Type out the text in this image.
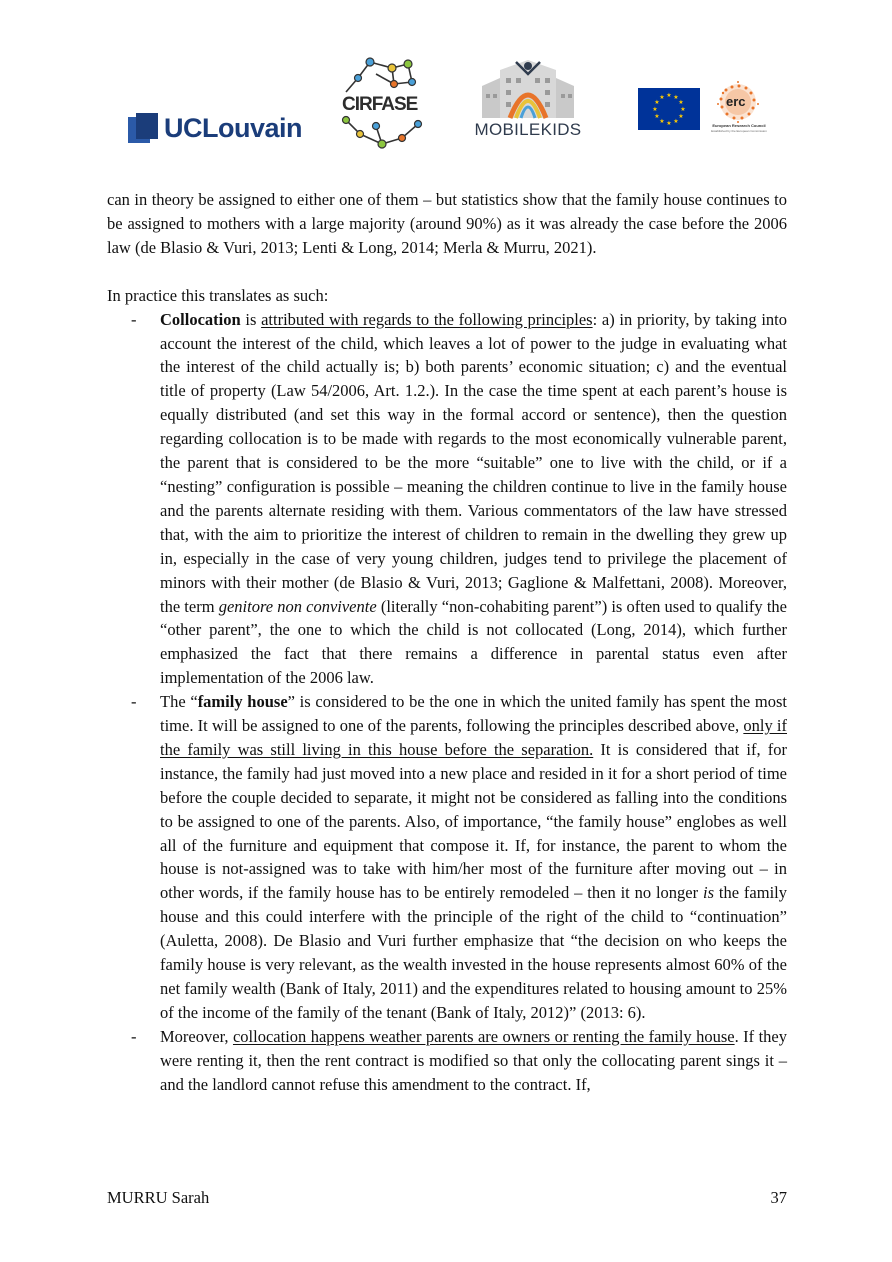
UCLouvain
CIRFASE
MOBILEKIDS
★ ★
★
★
★
★
★
★
★
★
★
★	erc
European Research Council
Established by the European Commission

can in theory be assigned to either one of them – but statistics show that the family house continues to be assigned to mothers with a large majority (around 90%) as it was already the case before the 2006 law (de Blasio & Vuri, 2013; Lenti & Long, 2014; Merla & Murru, 2021).

In practice this translates as such:

- Collocation is attributed with regards to the following principles: a) in priority, by taking into account the interest of the child, which leaves a lot of power to the judge in evaluating what the interest of the child actually is; b) both parents’ economic situation; c) and the eventual title of property (Law 54/2006, Art. 1.2.). In the case the time spent at each parent’s house is equally distributed (and set this way in the formal accord or sentence), then the question regarding collocation is to be made with regards to the most economically vulnerable parent, the parent that is considered to be the more “suitable” one to live with the child, or if a “nesting” configuration is possible – meaning the children continue to live in the family house and the parents alternate residing with them. Various commentators of the law have stressed that, with the aim to prioritize the interest of children to remain in the dwelling they grew up in, especially in the case of very young children, judges tend to privilege the placement of minors with their mother (de Blasio & Vuri, 2013; Gaglione & Malfettani, 2008). Moreover, the term genitore non convivente (literally “non-cohabiting parent”) is often used to qualify the “other parent”, the one to which the child is not collocated (Long, 2014), which further emphasized the fact that there remains a difference in parental status even after implementation of the 2006 law.
- The “family house” is considered to be the one in which the united family has spent the most time. It will be assigned to one of the parents, following the principles described above, only if the family was still living in this house before the separation. It is considered that if, for instance, the family had just moved into a new place and resided in it for a short period of time before the couple decided to separate, it might not be considered as falling into the conditions to be assigned to one of the parents. Also, of importance, “the family house” englobes as well all of the furniture and equipment that compose it. If, for instance, the parent to whom the house is not-assigned was to take with him/her most of the furniture after moving out – in other words, if the family house has to be entirely remodeled – then it no longer is the family house and this could interfere with the principle of the right of the child to “continuation” (Auletta, 2008). De Blasio and Vuri further emphasize that “the decision on who keeps the family house is very relevant, as the wealth invested in the house represents almost 60% of the net family wealth (Bank of Italy, 2011) and the expenditures related to housing amount to 25% of the income of the family of the tenant (Bank of Italy, 2012)” (2013: 6).
- Moreover, collocation happens weather parents are owners or renting the family house. If they were renting it, then the rent contract is modified so that only the collocating parent sings it – and the landlord cannot refuse this amendment to the contract. If,
MURRU Sarah	37
